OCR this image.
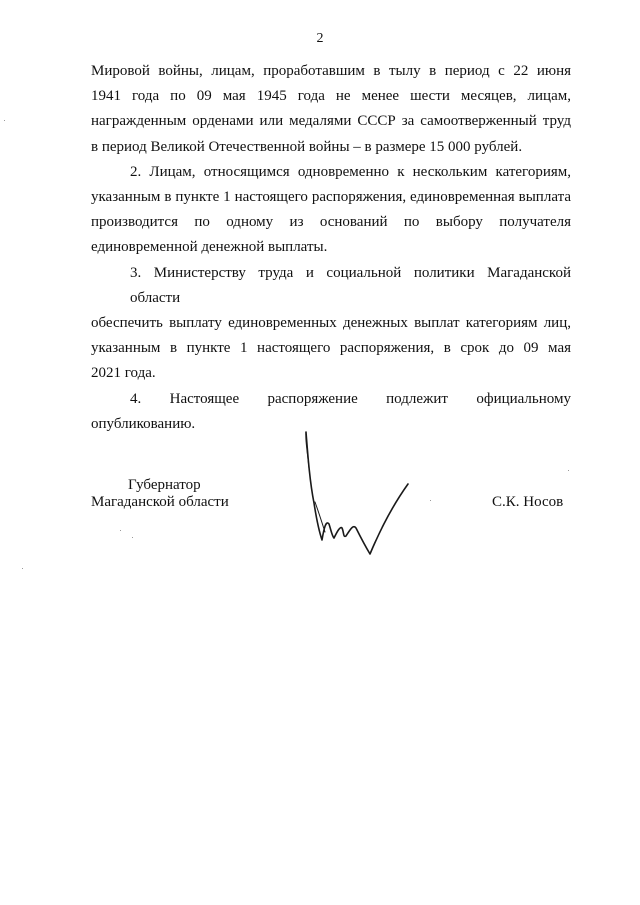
2

Мировой войны, лицам, проработавшим в тылу в период с 22 июня
1941 года по 09 мая 1945 года не менее шести месяцев, лицам,
награжденным орденами или медалями СССР за самоотверженный труд
в период Великой Отечественной войны – в размере 15 000 рублей.

2. Лицам, относящимся одновременно к нескольким категориям,
указанным в пункте 1 настоящего распоряжения, единовременная выплата
производится по одному из оснований по выбору получателя
единовременной денежной выплаты.

3. Министерству труда и социальной политики Магаданской области
обеспечить выплату единовременных денежных выплат категориям лиц,
указанным в пункте 1 настоящего распоряжения, в срок до 09 мая
2021 года.

4. Настоящее распоряжение подлежит официальному
опубликованию.

Губернатор
Магаданской области	С.К. Носов
